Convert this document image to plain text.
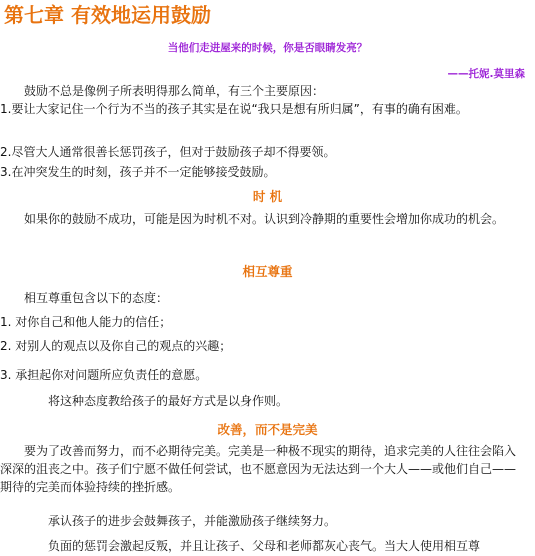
第七章 有效地运用鼓励
当他们走进屋来的时候，你是否眼睛发亮？
——托妮.莫里森
鼓励不总是像例子所表明得那么简单，有三个主要原因：
1.要让大家记住一个行为不当的孩子其实是在说“我只是想有所归属”，有事的确有困难。
2.尽管大人通常很善长惩罚孩子，但对于鼓励孩子却不得要领。
3.在冲突发生的时刻，孩子并不一定能够接受鼓励。
时 机
如果你的鼓励不成功，可能是因为时机不对。认识到冷静期的重要性会增加你成功的机会。
相互尊重
相互尊重包含以下的态度：
1. 对你自己和他人能力的信任；
2. 对别人的观点以及你自己的观点的兴趣；
3. 承担起你对问题所应负责任的意愿。
将这种态度教给孩子的最好方式是以身作则。
改善，而不是完美
要为了改善而努力，而不必期待完美。完美是一种极不现实的期待，追求完美的人往往会陷入深深的沮丧之中。孩子们宁愿不做任何尝试，也不愿意因为无法达到一个大人——或他们自己——期待的完美而体验持续的挫折感。
承认孩子的进步会鼓舞孩子，并能激励孩子继续努力。
负面的惩罚会激起反叛，并且让孩子、父母和老师都灰心丧气。当大人使用相互尊
